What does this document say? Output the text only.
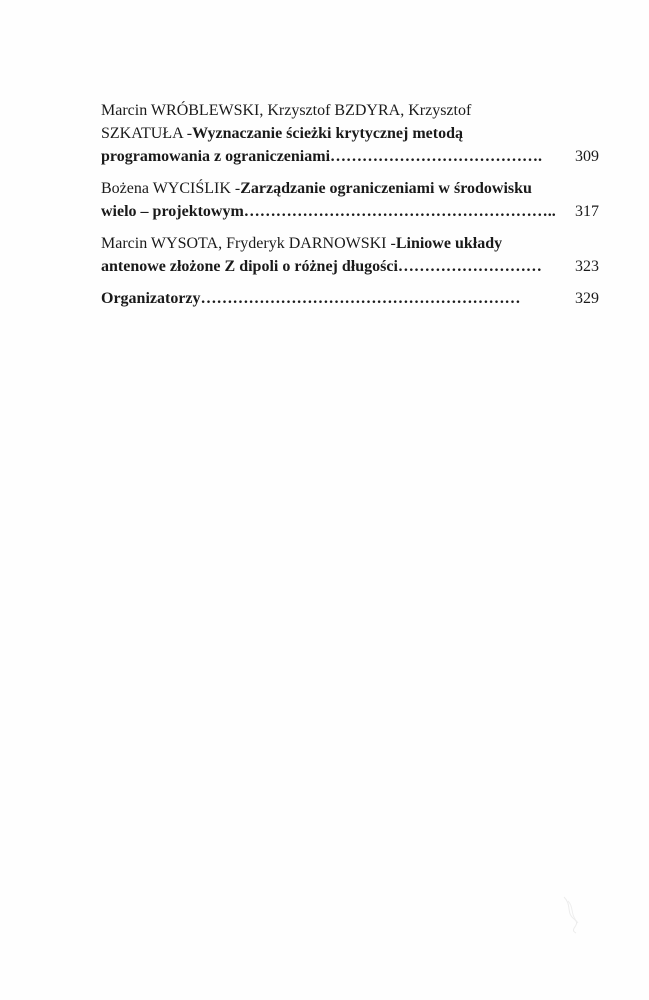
Marcin WRÓBLEWSKI, Krzysztof BZDYRA, Krzysztof
SZKATUŁA - Wyznaczanie ścieżki krytycznej metodą
programowania z ograniczeniami ………………………………….	309
Bożena WYCIŚLIK - Zarządzanie ograniczeniami w środowisku
wielo – projektowym …………………………………………………..	317
Marcin WYSOTA, Fryderyk DARNOWSKI - Liniowe układy
antenowe złożone Z dipoli o różnej długości ………………………	323
Organizatorzy ……………………………………………………	329
